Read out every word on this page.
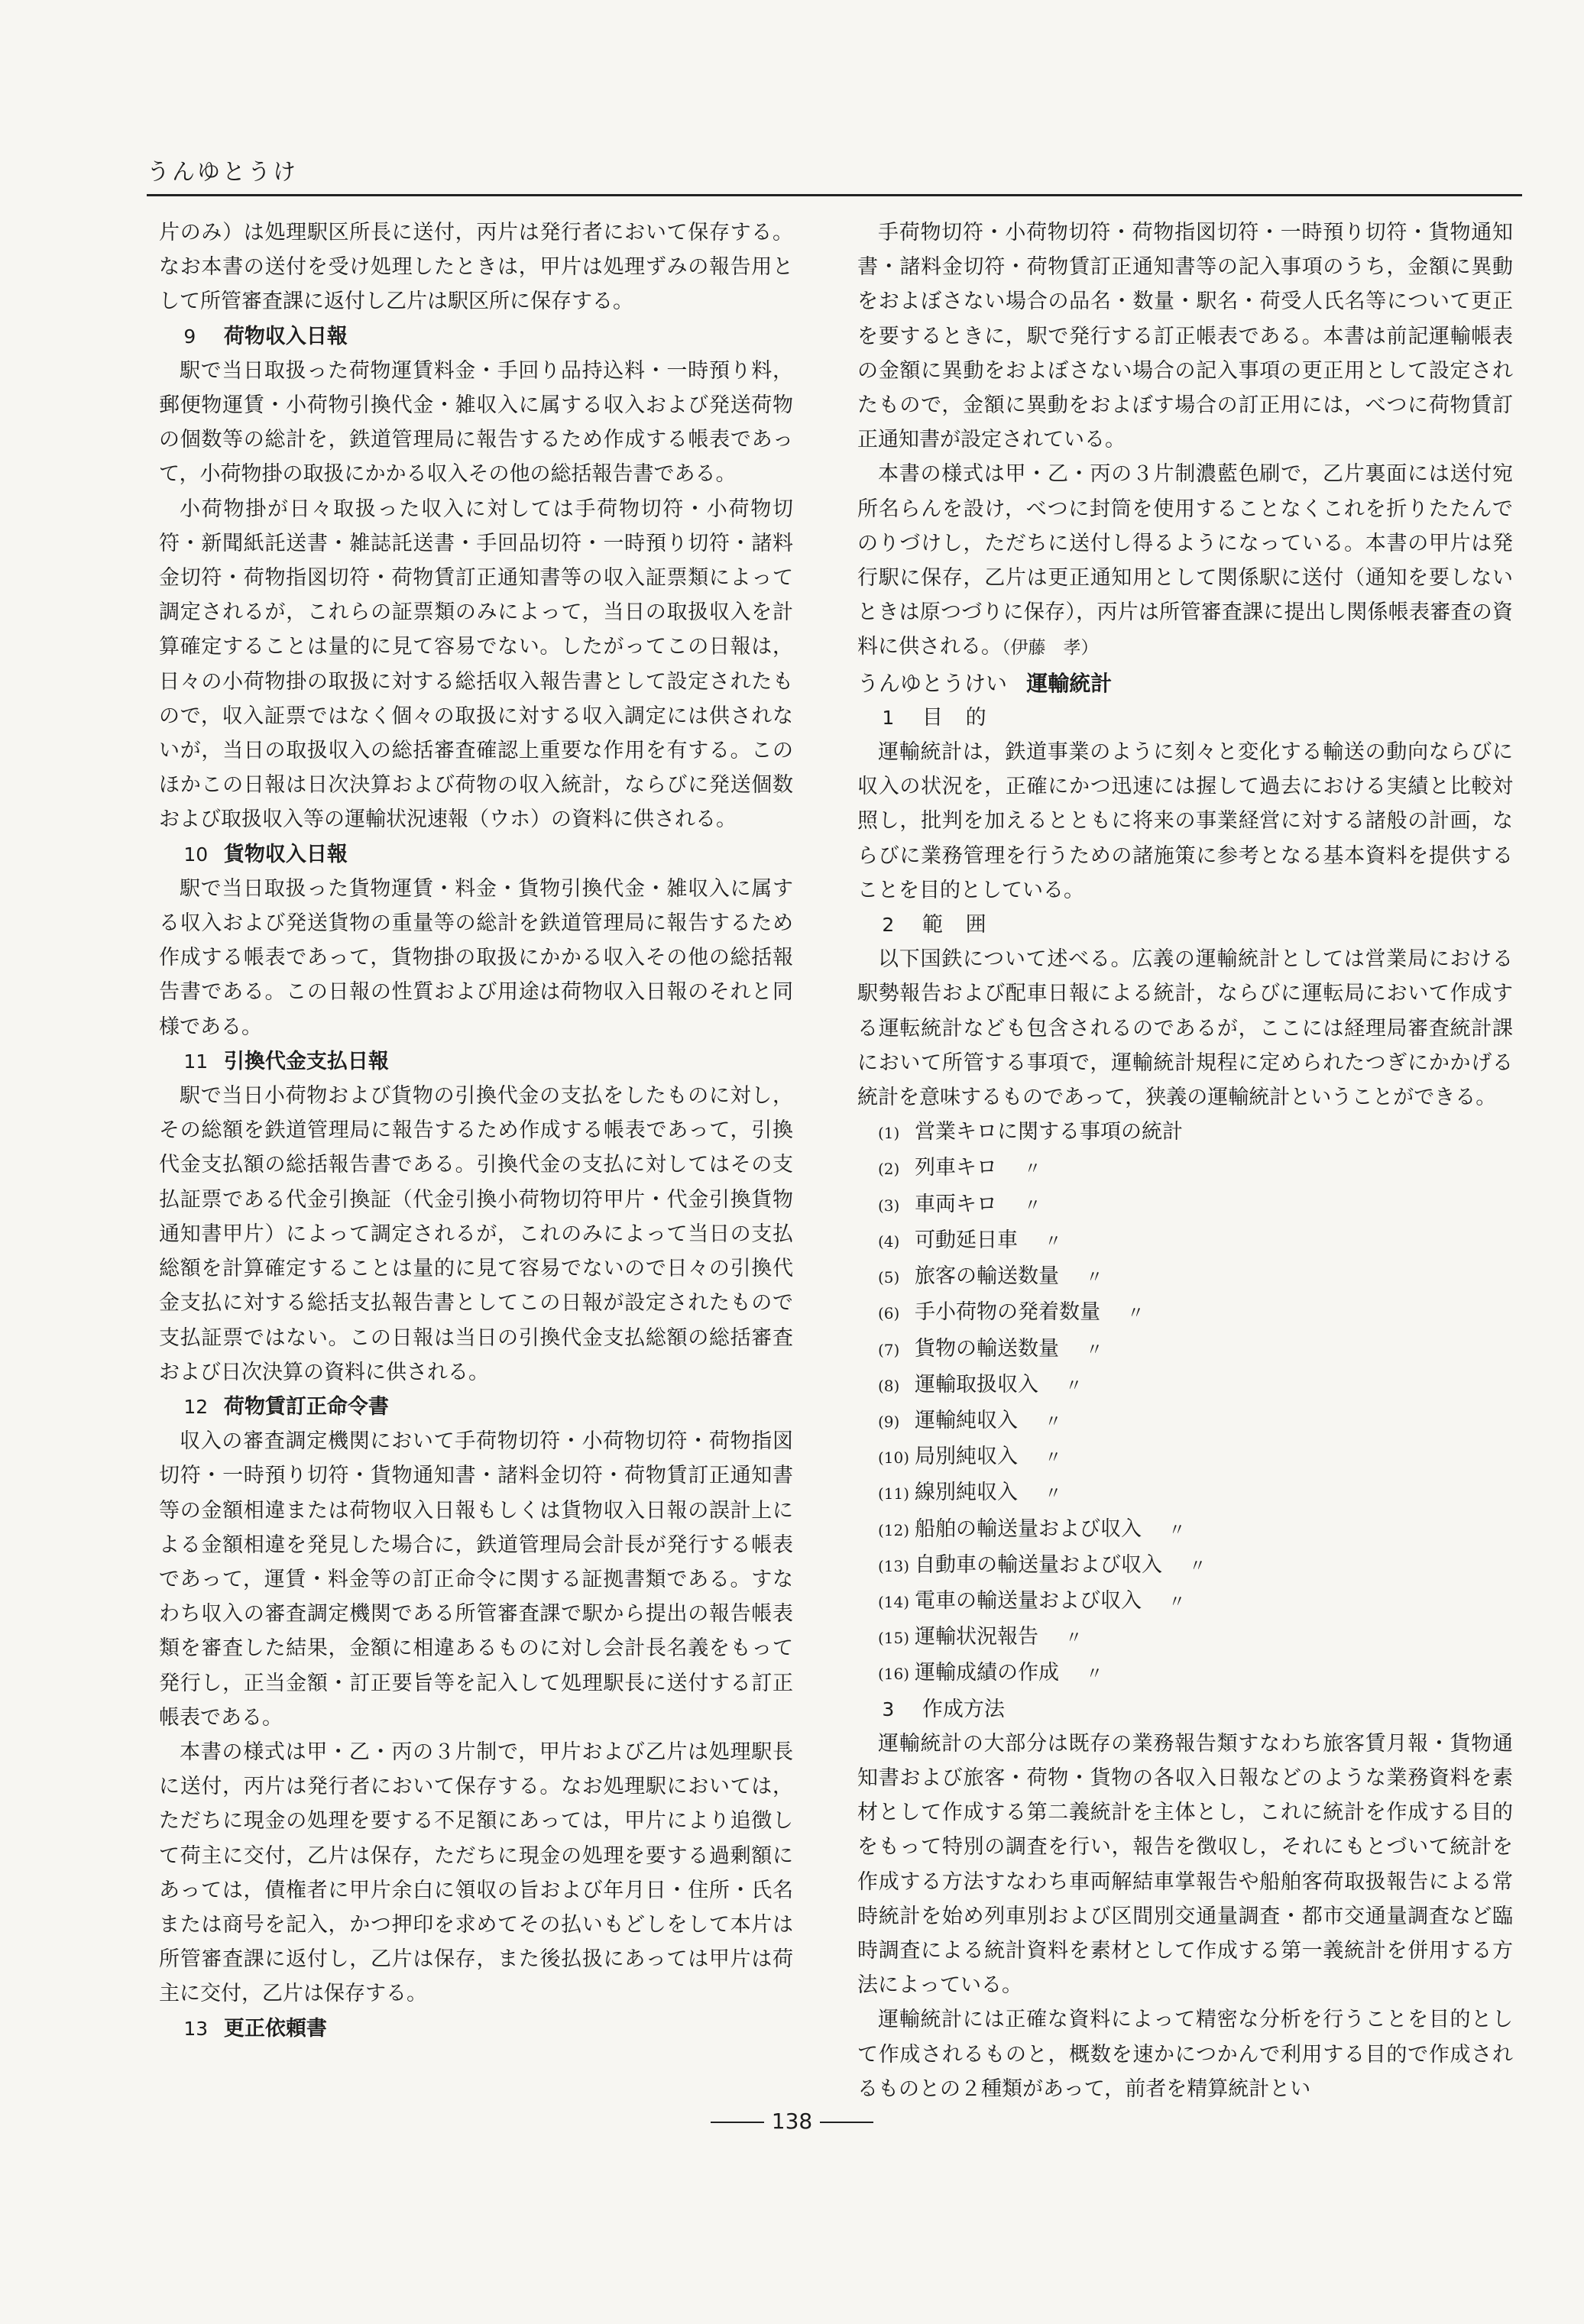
うんゆとうけ

片のみ）は処理駅区所長に送付，丙片は発行者において保存する。なお本書の送付を受け処理したときは，甲片は処理ずみの報告用として所管審査課に返付し乙片は駅区所に保存する。

9 荷物収入日報

駅で当日取扱った荷物運賃料金・手回り品持込料・一時預り料，郵便物運賃・小荷物引換代金・雑収入に属する収入および発送荷物の個数等の総計を，鉄道管理局に報告するため作成する帳表であって，小荷物掛の取扱にかかる収入その他の総括報告書である。

小荷物掛が日々取扱った収入に対しては手荷物切符・小荷物切符・新聞紙託送書・雑誌託送書・手回品切符・一時預り切符・諸料金切符・荷物指図切符・荷物賃訂正通知書等の収入証票類によって調定されるが，これらの証票類のみによって，当日の取扱収入を計算確定することは量的に見て容易でない。したがってこの日報は，日々の小荷物掛の取扱に対する総括収入報告書として設定されたもので，収入証票ではなく個々の取扱に対する収入調定には供されないが，当日の取扱収入の総括審査確認上重要な作用を有する。このほかこの日報は日次決算および荷物の収入統計，ならびに発送個数および取扱収入等の運輸状況速報（ウホ）の資料に供される。

10 貨物収入日報

駅で当日取扱った貨物運賃・料金・貨物引換代金・雑収入に属する収入および発送貨物の重量等の総計を鉄道管理局に報告するため作成する帳表であって，貨物掛の取扱にかかる収入その他の総括報告書である。この日報の性質および用途は荷物収入日報のそれと同様である。

11 引換代金支払日報

駅で当日小荷物および貨物の引換代金の支払をしたものに対し，その総額を鉄道管理局に報告するため作成する帳表であって，引換代金支払額の総括報告書である。引換代金の支払に対してはその支払証票である代金引換証（代金引換小荷物切符甲片・代金引換貨物通知書甲片）によって調定されるが，これのみによって当日の支払総額を計算確定することは量的に見て容易でないので日々の引換代金支払に対する総括支払報告書としてこの日報が設定されたもので支払証票ではない。この日報は当日の引換代金支払総額の総括審査および日次決算の資料に供される。

12 荷物賃訂正命令書

収入の審査調定機関において手荷物切符・小荷物切符・荷物指図切符・一時預り切符・貨物通知書・諸料金切符・荷物賃訂正通知書等の金額相違または荷物収入日報もしくは貨物収入日報の誤計上による金額相違を発見した場合に，鉄道管理局会計長が発行する帳表であって，運賃・料金等の訂正命令に関する証拠書類である。すなわち収入の審査調定機関である所管審査課で駅から提出の報告帳表類を審査した結果，金額に相違あるものに対し会計長名義をもって発行し，正当金額・訂正要旨等を記入して処理駅長に送付する訂正帳表である。

本書の様式は甲・乙・丙の３片制で，甲片および乙片は処理駅長に送付，丙片は発行者において保存する。なお処理駅においては，ただちに現金の処理を要する不足額にあっては，甲片により追徴して荷主に交付，乙片は保存，ただちに現金の処理を要する過剰額にあっては，債権者に甲片余白に領収の旨および年月日・住所・氏名または商号を記入，かつ押印を求めてその払いもどしをして本片は所管審査課に返付し，乙片は保存，また後払扱にあっては甲片は荷主に交付，乙片は保存する。

13 更正依頼書

手荷物切符・小荷物切符・荷物指図切符・一時預り切符・貨物通知書・諸料金切符・荷物賃訂正通知書等の記入事項のうち，金額に異動をおよぼさない場合の品名・数量・駅名・荷受人氏名等について更正を要するときに，駅で発行する訂正帳表である。本書は前記運輸帳表の金額に異動をおよぼさない場合の記入事項の更正用として設定されたもので，金額に異動をおよぼす場合の訂正用には，べつに荷物賃訂正通知書が設定されている。

本書の様式は甲・乙・丙の３片制濃藍色刷で，乙片裏面には送付宛所名らんを設け，べつに封筒を使用することなくこれを折りたたんでのりづけし，ただちに送付し得るようになっている。本書の甲片は発行駅に保存，乙片は更正通知用として関係駅に送付（通知を要しないときは原つづりに保存），丙片は所管審査課に提出し関係帳表審査の資料に供される。（伊藤　孝）

うんゆとうけい 運輸統計
1 目的

運輸統計は，鉄道事業のように刻々と変化する輸送の動向ならびに収入の状況を，正確にかつ迅速には握して過去における実績と比較対照し，批判を加えるとともに将来の事業経営に対する諸般の計画，ならびに業務管理を行うための諸施策に参考となる基本資料を提供することを目的としている。

2 範囲

以下国鉄について述べる。広義の運輸統計としては営業局における駅勢報告および配車日報による統計，ならびに運転局において作成する運転統計なども包含されるのであるが，ここには経理局審査統計課において所管する事項で，運輸統計規程に定められたつぎにかかげる統計を意味するものであって，狭義の運輸統計ということができる。

(1) 営業キロに関する事項の統計
(2) 列車キロ 〃
(3) 車両キロ 〃
(4) 可動延日車 〃
(5) 旅客の輸送数量 〃
(6) 手小荷物の発着数量 〃
(7) 貨物の輸送数量 〃
(8) 運輸取扱収入 〃
(9) 運輸純収入 〃
(10) 局別純収入 〃
(11) 線別純収入 〃
(12) 船舶の輸送量および収入 〃
(13) 自動車の輸送量および収入 〃
(14) 電車の輸送量および収入 〃
(15) 運輸状況報告 〃
(16) 運輸成績の作成 〃
3 作成方法

運輸統計の大部分は既存の業務報告類すなわち旅客賃月報・貨物通知書および旅客・荷物・貨物の各収入日報などのような業務資料を素材として作成する第二義統計を主体とし，これに統計を作成する目的をもって特別の調査を行い，報告を徴収し，それにもとづいて統計を作成する方法すなわち車両解結車掌報告や船舶客荷取扱報告による常時統計を始め列車別および区間別交通量調査・都市交通量調査など臨時調査による統計資料を素材として作成する第一義統計を併用する方法によっている。

運輸統計には正確な資料によって精密な分析を行うことを目的として作成されるものと，概数を速かにつかんで利用する目的で作成されるものとの２種類があって，前者を精算統計とい

138
